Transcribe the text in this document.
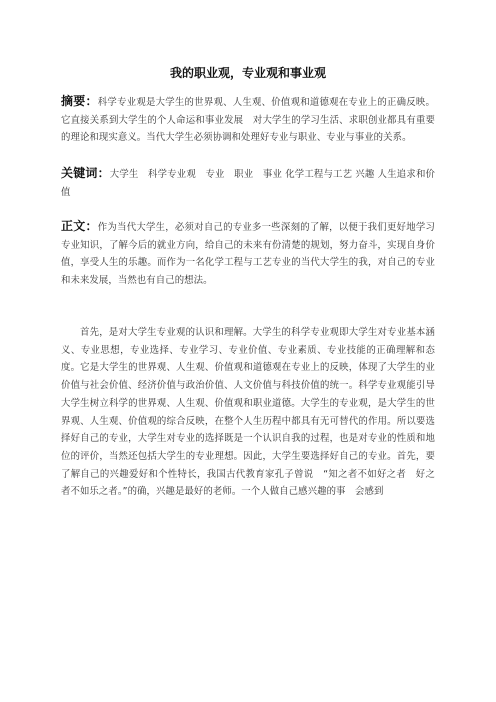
我的职业观，专业观和事业观
摘要：科学专业观是大学生的世界观、人生观、价值观和道德观在专业上的正确反映。它直接关系到大学生的个人命运和事业发展　对大学生的学习生活、求职创业都具有重要的理论和现实意义。当代大学生必须协调和处理好专业与职业、专业与事业的关系。
关键词：大学生　科学专业观　专业　职业　事业 化学工程与工艺 兴趣 人生追求和价值
正文：作为当代大学生，必须对自己的专业多一些深刻的了解，以便于我们更好地学习专业知识，了解今后的就业方向，给自己的未来有份清楚的规划，努力奋斗，实现自身价值，享受人生的乐趣。而作为一名化学工程与工艺专业的当代大学生的我，对自己的专业和未来发展，当然也有自己的想法。
首先，是对大学生专业观的认识和理解。大学生的科学专业观即大学生对专业基本涵义、专业思想，专业选择、专业学习、专业价值、专业素质、专业技能的正确理解和态度。它是大学生的世界观、人生观、价值观和道德观在专业上的反映，体现了大学生的业价值与社会价值、经济价值与政治价值、人文价值与科技价值的统一。科学专业观能引导大学生树立科学的世界观、人生观、价值观和职业道德。大学生的专业观，是大学生的世界观、人生观、价值观的综合反映，在整个人生历程中都具有无可替代的作用。所以要选择好自己的专业，大学生对专业的选择既是一个认识自我的过程，也是对专业的性质和地位的评价，当然还包括大学生的专业理想。因此，大学生要选择好自己的专业。首先，要了解自己的兴趣爱好和个性特长，我国古代教育家孔子曾说　“知之者不如好之者　好之者不如乐之者。”的确，兴趣是最好的老师。一个人做自己感兴趣的事　会感到
